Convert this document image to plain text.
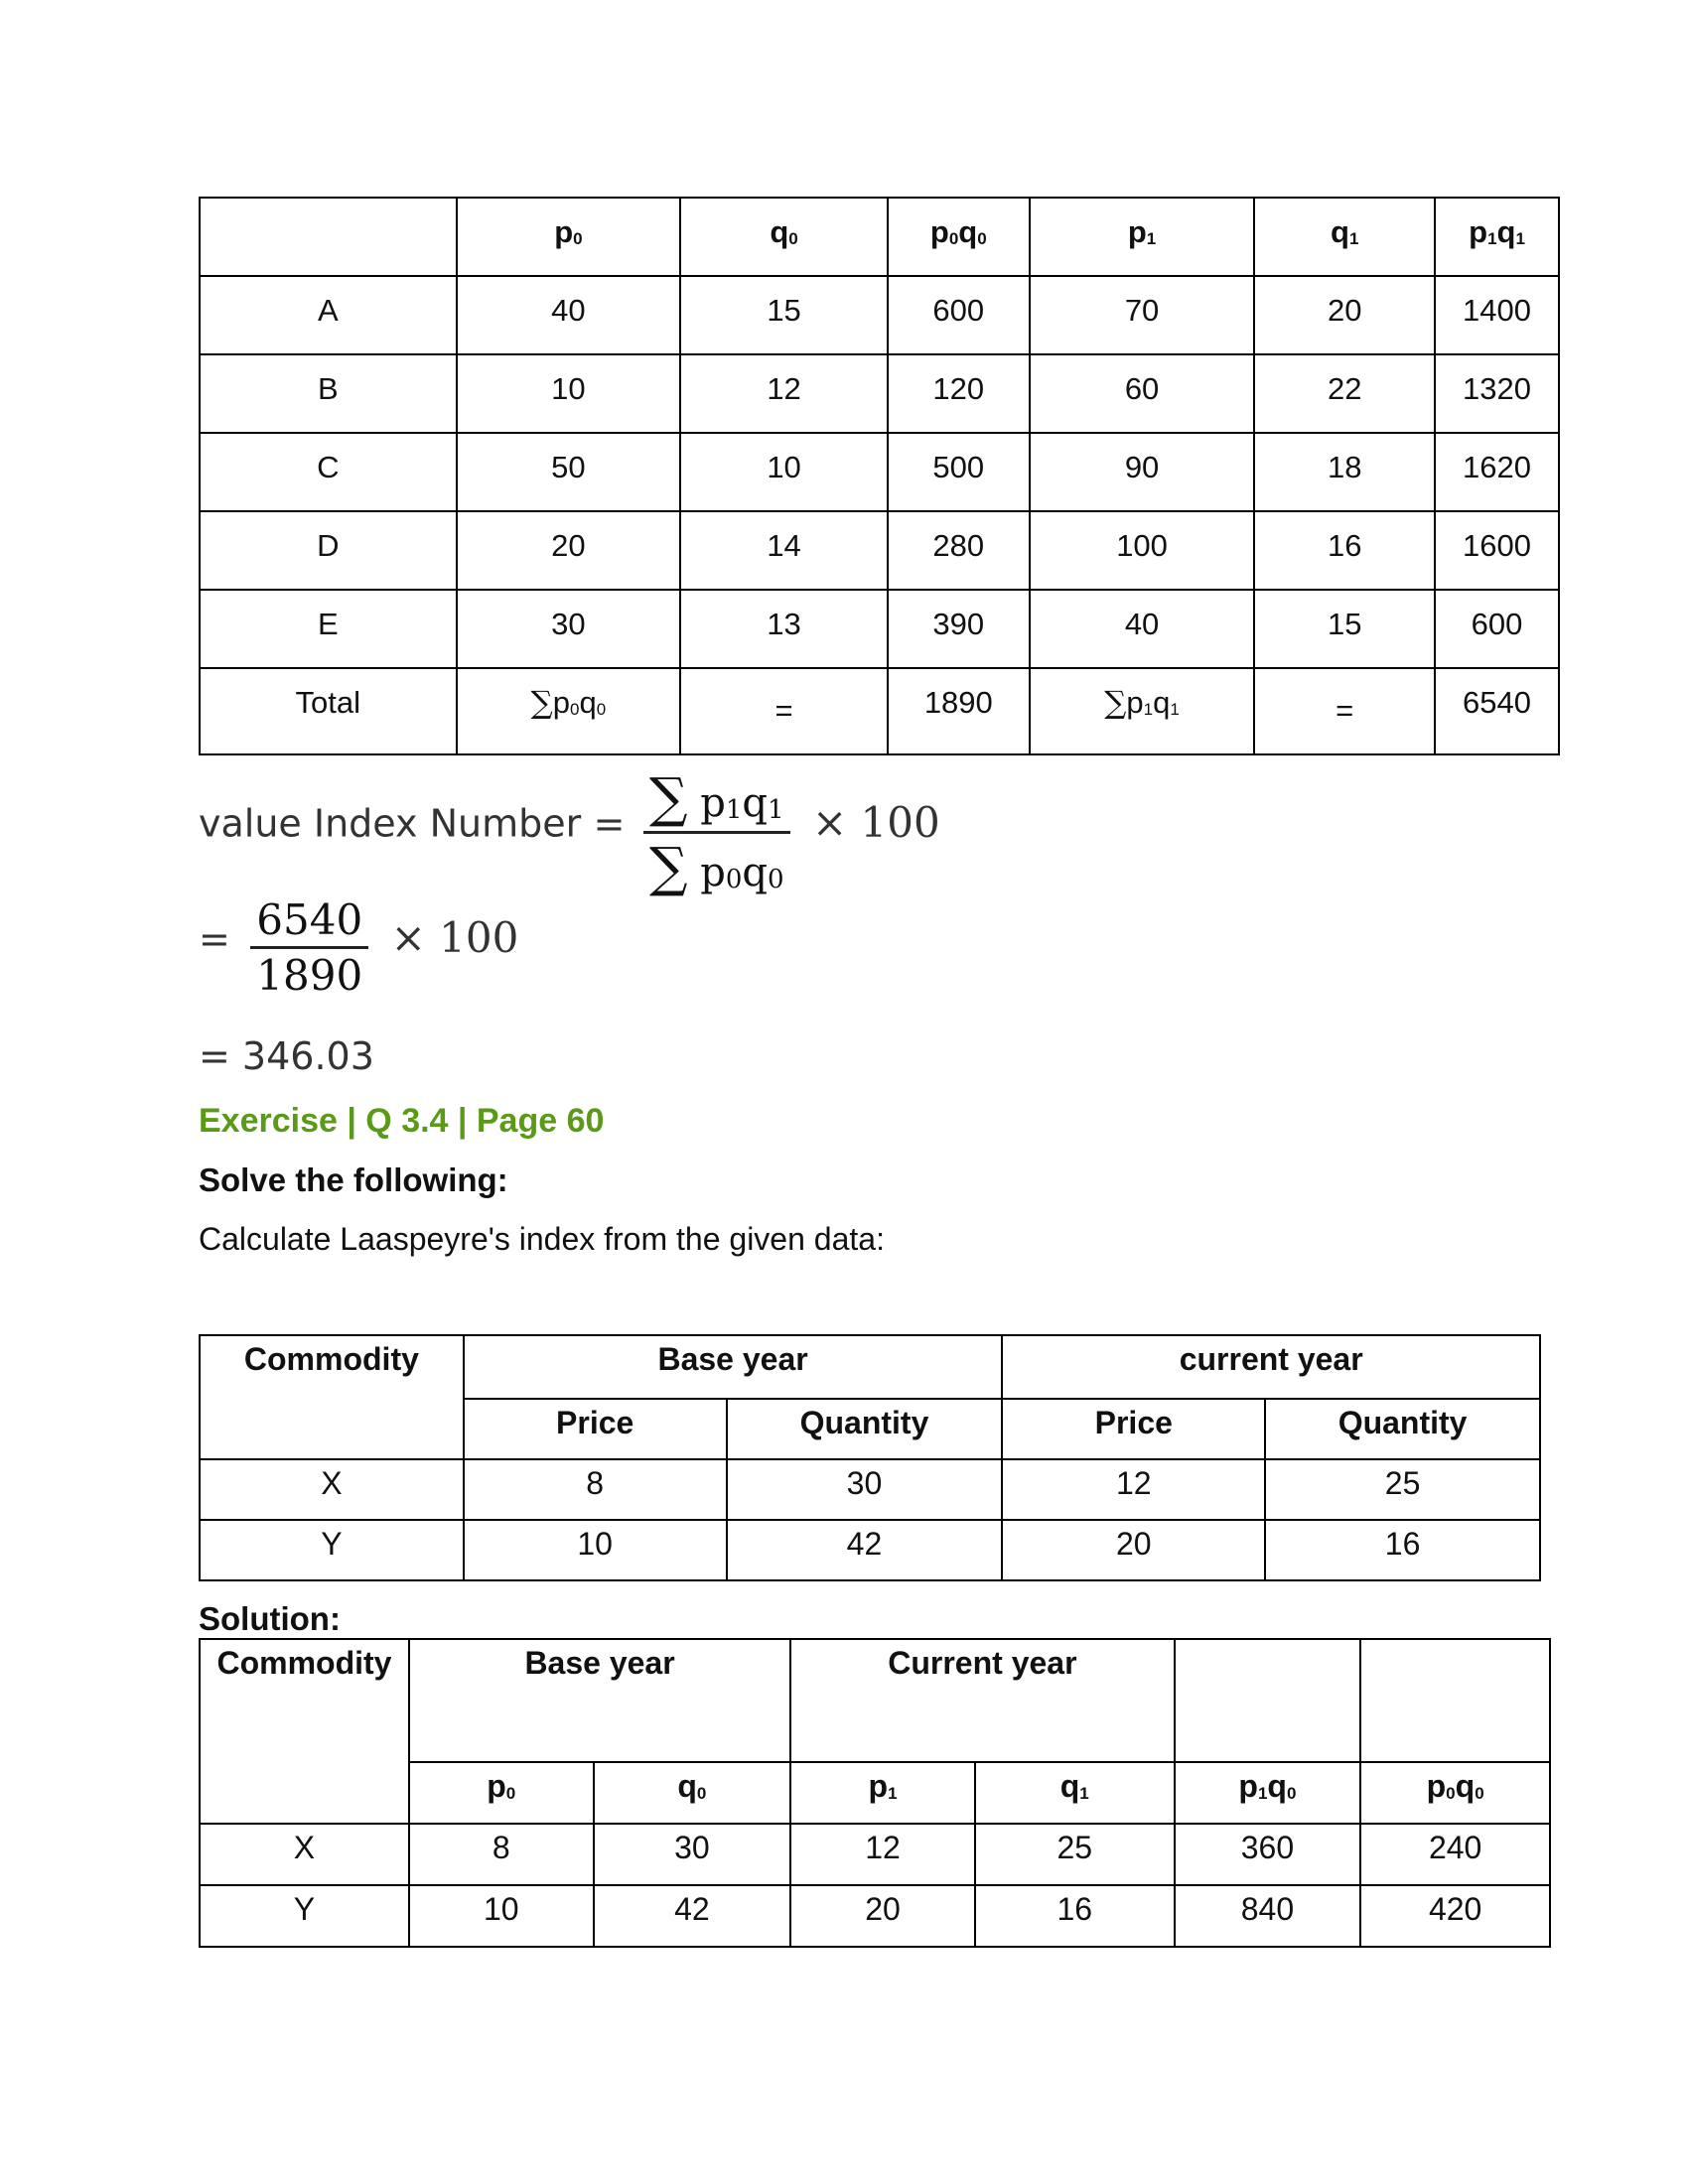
	$p_0$	$q_0$	$p_0q_0$	$p_1$	$q_1$	$p_1q_1$
A	40	15	600	70	20	1400
B	10	12	120	60	22	1320
C	50	10	500	90	18	1620
D	20	14	280	100	16	1600
E	30	13	390	40	15	600
Total	$\sum p_0q_0$	=	1890	$\sum p_1q_1$	=	6540
value Index Number = $\frac{\sum p_1q_1}{\sum p_0q_0} \times 100$
= $\frac{6540}{1890} \times 100$
= 346.03
Exercise | Q 3.4 | Page 60
Solve the following:
Calculate Laaspeyre's index from the given data:
Commodity	Base year		current year	
	Price	Quantity	Price	Quantity
X	8	30	12	25
Y	10	42	20	16
Solution:
Commodity	Base year		Current year			
	$p_0$	$q_0$	$p_1$	$q_1$	$p_1q_0$	$p_0q_0$
X	8	30	12	25	360	240
Y	10	42	20	16	840	420
